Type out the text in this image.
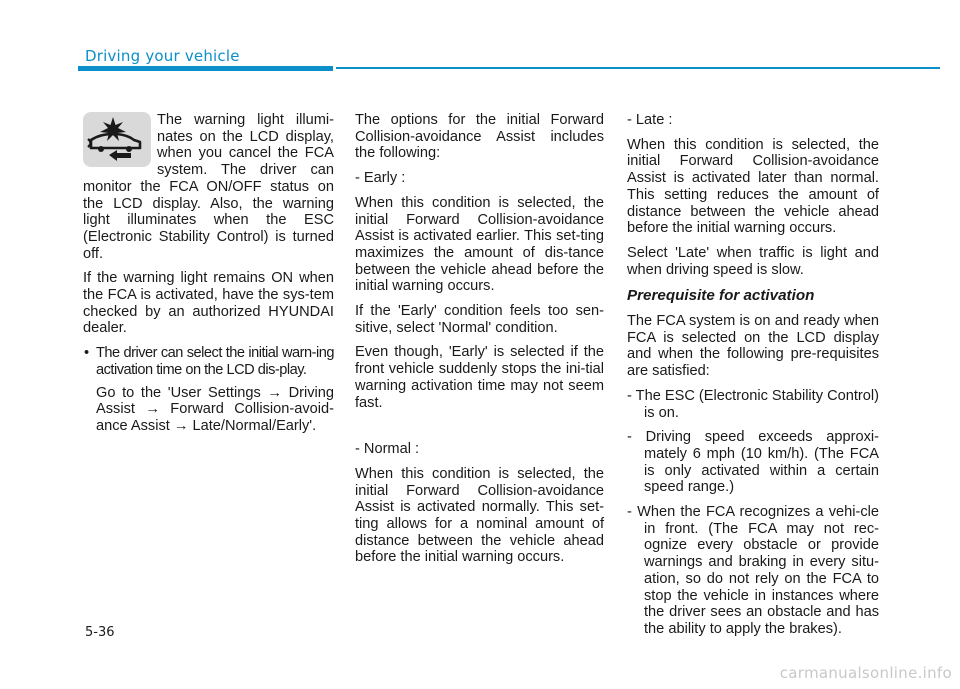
Driving your vehicle

The warning light illumi-nates on the LCD display, when you cancel the FCA system. The driver can monitor the FCA ON/OFF status on the LCD display. Also, the warning light illuminates when the ESC (Electronic Stability Control) is turned off.

If the warning light remains ON when the FCA is activated, have the sys-tem checked by an authorized HYUNDAI dealer.

• The driver can select the initial warn-ing activation time on the LCD dis-play.

Go to the 'User Settings → Driving Assist → Forward Collision-avoid-ance Assist → Late/Normal/Early'.

The options for the initial Forward Collision-avoidance Assist includes the following:

- Early :

When this condition is selected, the initial Forward Collision-avoidance Assist is activated earlier. This set-ting maximizes the amount of dis-tance between the vehicle ahead before the initial warning occurs.

If the 'Early' condition feels too sen-sitive, select 'Normal' condition.

Even though, 'Early' is selected if the front vehicle suddenly stops the ini-tial warning activation time may not seem fast.

- Normal :

When this condition is selected, the initial Forward Collision-avoidance Assist is activated normally. This set-ting allows for a nominal amount of distance between the vehicle ahead before the initial warning occurs.

- Late :

When this condition is selected, the initial Forward Collision-avoidance Assist is activated later than normal. This setting reduces the amount of distance between the vehicle ahead before the initial warning occurs.

Select 'Late' when traffic is light and when driving speed is slow.

Prerequisite for activation

The FCA system is on and ready when FCA is selected on the LCD display and when the following pre-requisites are satisfied:

- The ESC (Electronic Stability Control) is on.

- Driving speed exceeds approxi-mately 6 mph (10 km/h). (The FCA is only activated within a certain speed range.)

- When the FCA recognizes a vehi-cle in front. (The FCA may not rec-ognize every obstacle or provide warnings and braking in every situ-ation, so do not rely on the FCA to stop the vehicle in instances where the driver sees an obstacle and has the ability to apply the brakes).

5-36
carmanualsonline.info
